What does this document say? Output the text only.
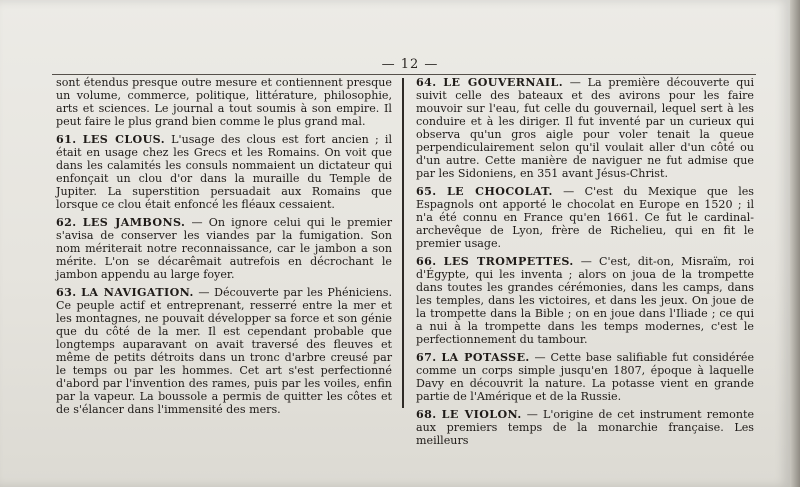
— 12 —

sont étendus presque outre mesure et contiennent presque un volume, commerce, politique, littérature, philosophie, arts et sciences. Le journal a tout soumis à son empire. Il peut faire le plus grand bien comme le plus grand mal.

61. LES CLOUS. L'usage des clous est fort ancien ; il était en usage chez les Grecs et les Romains. On voit que dans les calamités les consuls nommaient un dictateur qui enfonçait un clou d'or dans la muraille du Temple de Jupiter. La superstition persuadait aux Romains que lorsque ce clou était enfoncé les fléaux cessaient.

62. LES JAMBONS. — On ignore celui qui le premier s'avisa de conserver les viandes par la fumigation. Son nom mériterait notre reconnaissance, car le jambon a son mérite. L'on se décarêmait autrefois en décrochant le jambon appendu au large foyer.

63. LA NAVIGATION. — Découverte par les Phéniciens. Ce peuple actif et entreprenant, resserré entre la mer et les montagnes, ne pouvait développer sa force et son génie que du côté de la mer. Il est cependant probable que longtemps auparavant on avait traversé des fleuves et même de petits détroits dans un tronc d'arbre creusé par le temps ou par les hommes. Cet art s'est perfectionné d'abord par l'invention des rames, puis par les voiles, enfin par la vapeur. La boussole a permis de quitter les côtes et de s'élancer dans l'immensité des mers.

64. LE GOUVERNAIL. — La première découverte qui suivit celle des bateaux et des avirons pour les faire mouvoir sur l'eau, fut celle du gouvernail, lequel sert à les conduire et à les diriger. Il fut inventé par un curieux qui observa qu'un gros aigle pour voler tenait la queue perpendiculairement selon qu'il voulait aller d'un côté ou d'un autre. Cette manière de naviguer ne fut admise que par les Sidoniens, en 351 avant Jésus-Christ.

65. LE CHOCOLAT. — C'est du Mexique que les Espagnols ont apporté le chocolat en Europe en 1520 ; il n'a été connu en France qu'en 1661. Ce fut le cardinal-archevêque de Lyon, frère de Richelieu, qui en fit le premier usage.

66. LES TROMPETTES. — C'est, dit-on, Misraïm, roi d'Égypte, qui les inventa ; alors on joua de la trompette dans toutes les grandes cérémonies, dans les camps, dans les temples, dans les victoires, et dans les jeux. On joue de la trompette dans la Bible ; on en joue dans l'Iliade ; ce qui a nui à la trompette dans les temps modernes, c'est le perfectionnement du tambour.

67. LA POTASSE. — Cette base salifiable fut considérée comme un corps simple jusqu'en 1807, époque à laquelle Davy en découvrit la nature. La potasse vient en grande partie de l'Amérique et de la Russie.

68. LE VIOLON. — L'origine de cet instrument remonte aux premiers temps de la monarchie française. Les meilleurs
